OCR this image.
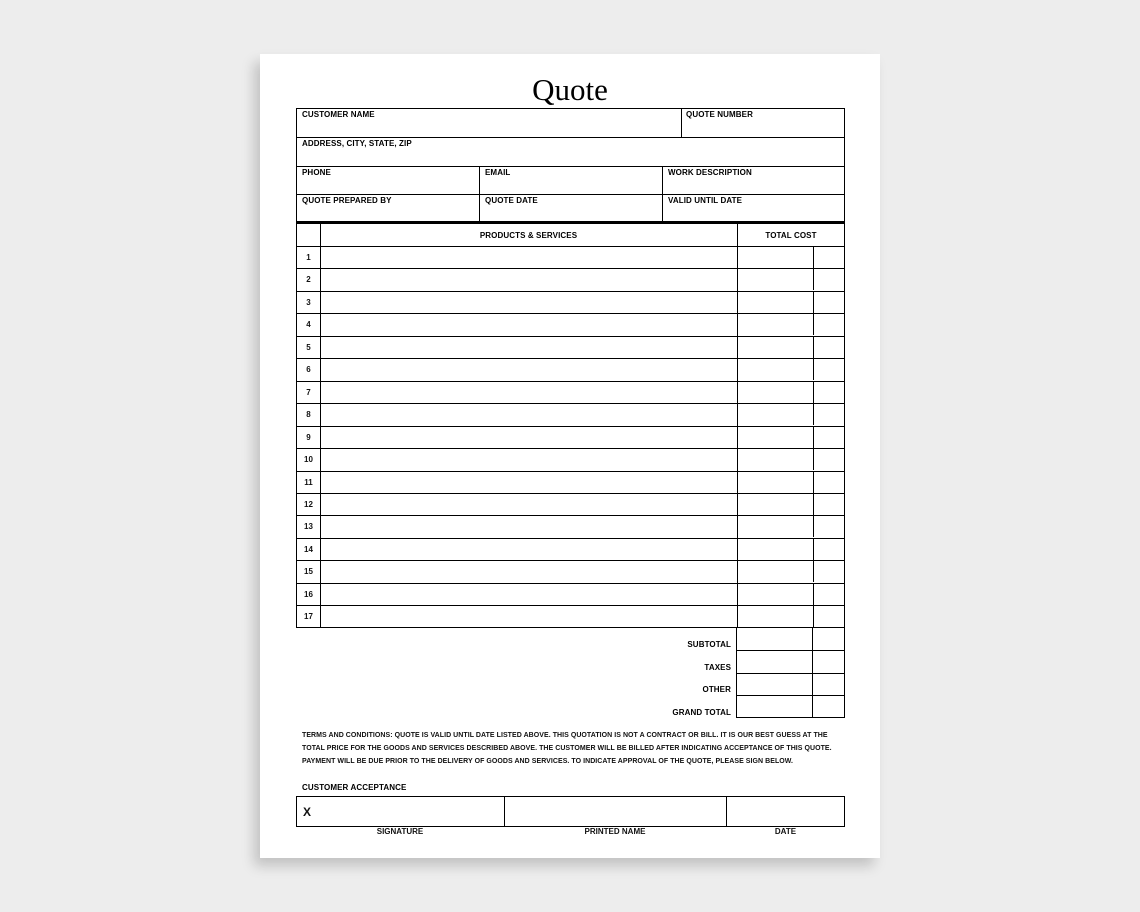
Quote
CUSTOMER NAME	QUOTE NUMBER
ADDRESS, CITY, STATE, ZIP
PHONE	EMAIL	WORK DESCRIPTION
QUOTE PREPARED BY	QUOTE DATE	VALID UNTIL DATE
PRODUCTS & SERVICES	TOTAL COST
1
2
3
4
5
6
7
8
9
10
11
12
13
14
15
16
17
SUBTOTAL
TAXES
OTHER
GRAND TOTAL
TERMS AND CONDITIONS: QUOTE IS VALID UNTIL DATE LISTED ABOVE. THIS QUOTATION IS NOT A CONTRACT OR BILL. IT IS OUR BEST GUESS AT THE
TOTAL PRICE FOR THE GOODS AND SERVICES DESCRIBED ABOVE. THE CUSTOMER WILL BE BILLED AFTER INDICATING ACCEPTANCE OF THIS QUOTE.
PAYMENT WILL BE DUE PRIOR TO THE DELIVERY OF GOODS AND SERVICES. TO INDICATE APPROVAL OF THE QUOTE, PLEASE SIGN BELOW.
CUSTOMER ACCEPTANCE
X
SIGNATURE	PRINTED NAME	DATE
